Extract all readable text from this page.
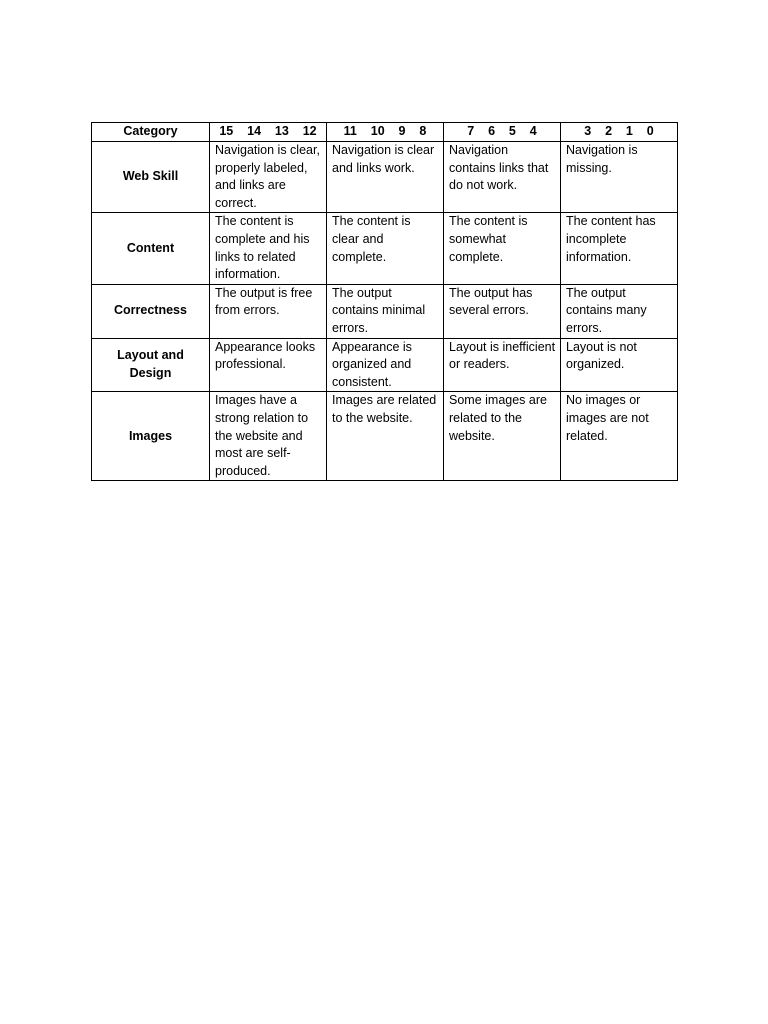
Category	15    14    13    12	11    10    9    8	7    6    5    4	3    2    1    0
Web Skill	Navigation is clear, properly labeled, and links are correct.	Navigation is clear and links work.	Navigation contains links that do not work.	Navigation is missing.
Content	The content is complete and his links to related information.	The content is clear and complete.	The content is somewhat complete.	The content has incomplete information.
Correctness	The output is free from errors.	The output contains minimal errors.	The output has several errors.	The output contains many errors.
Layout and Design	Appearance looks professional.	Appearance is organized and consistent.	Layout is inefficient or readers.	Layout is not organized.
Images	Images have a strong relation to the website and most are self-produced.	Images are related to the website.	Some images are related to the website.	No images or images are not related.
